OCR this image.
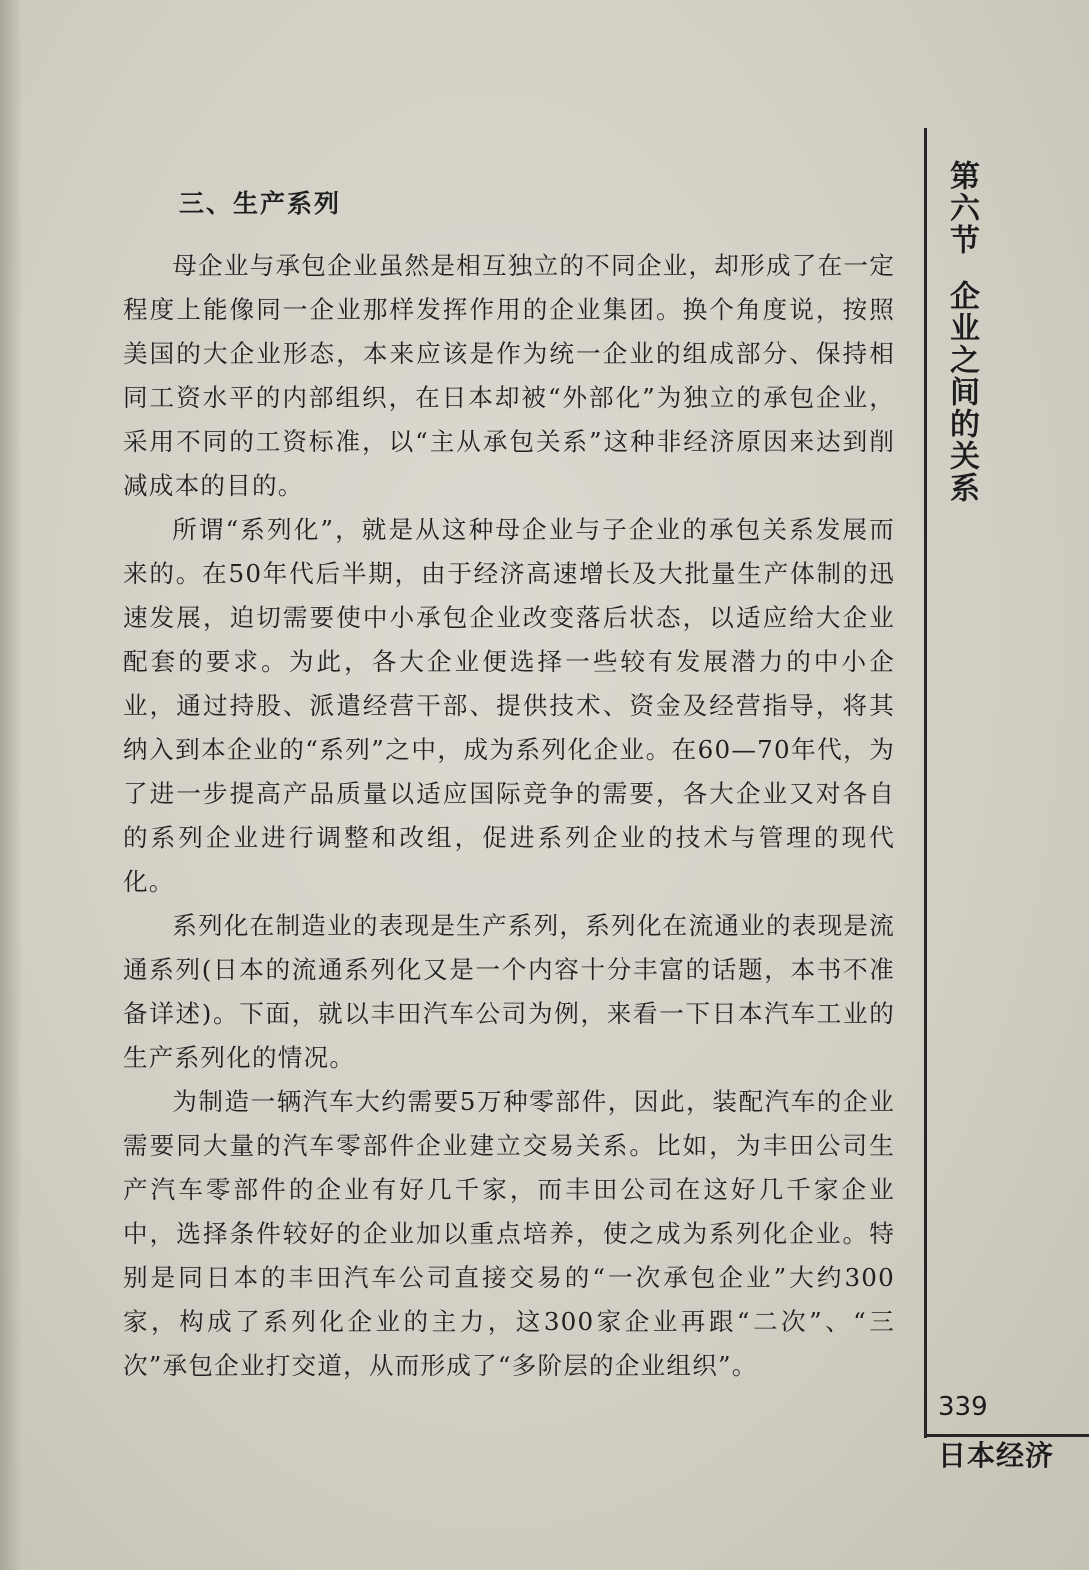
三、生产系列

母企业与承包企业虽然是相互独立的不同企业，却形成了在一定程度上能像同一企业那样发挥作用的企业集团。换个角度说，按照美国的大企业形态，本来应该是作为统一企业的组成部分、保持相同工资水平的内部组织，在日本却被“外部化”为独立的承包企业，采用不同的工资标准，以“主从承包关系”这种非经济原因来达到削减成本的目的。

所谓“系列化”，就是从这种母企业与子企业的承包关系发展而来的。在50年代后半期，由于经济高速增长及大批量生产体制的迅速发展，迫切需要使中小承包企业改变落后状态，以适应给大企业配套的要求。为此，各大企业便选择一些较有发展潜力的中小企业，通过持股、派遣经营干部、提供技术、资金及经营指导，将其纳入到本企业的“系列”之中，成为系列化企业。在60—70年代，为了进一步提高产品质量以适应国际竞争的需要，各大企业又对各自的系列企业进行调整和改组，促进系列企业的技术与管理的现代化。

系列化在制造业的表现是生产系列，系列化在流通业的表现是流通系列(日本的流通系列化又是一个内容十分丰富的话题，本书不准备详述)。下面，就以丰田汽车公司为例，来看一下日本汽车工业的生产系列化的情况。

为制造一辆汽车大约需要5万种零部件，因此，装配汽车的企业需要同大量的汽车零部件企业建立交易关系。比如，为丰田公司生产汽车零部件的企业有好几千家，而丰田公司在这好几千家企业中，选择条件较好的企业加以重点培养，使之成为系列化企业。特别是同日本的丰田汽车公司直接交易的“一次承包企业”大约300家，构成了系列化企业的主力，这300家企业再跟“二次”、“三次”承包企业打交道，从而形成了“多阶层的企业组织”。

第六节企业之间的关系
339
日本经济
